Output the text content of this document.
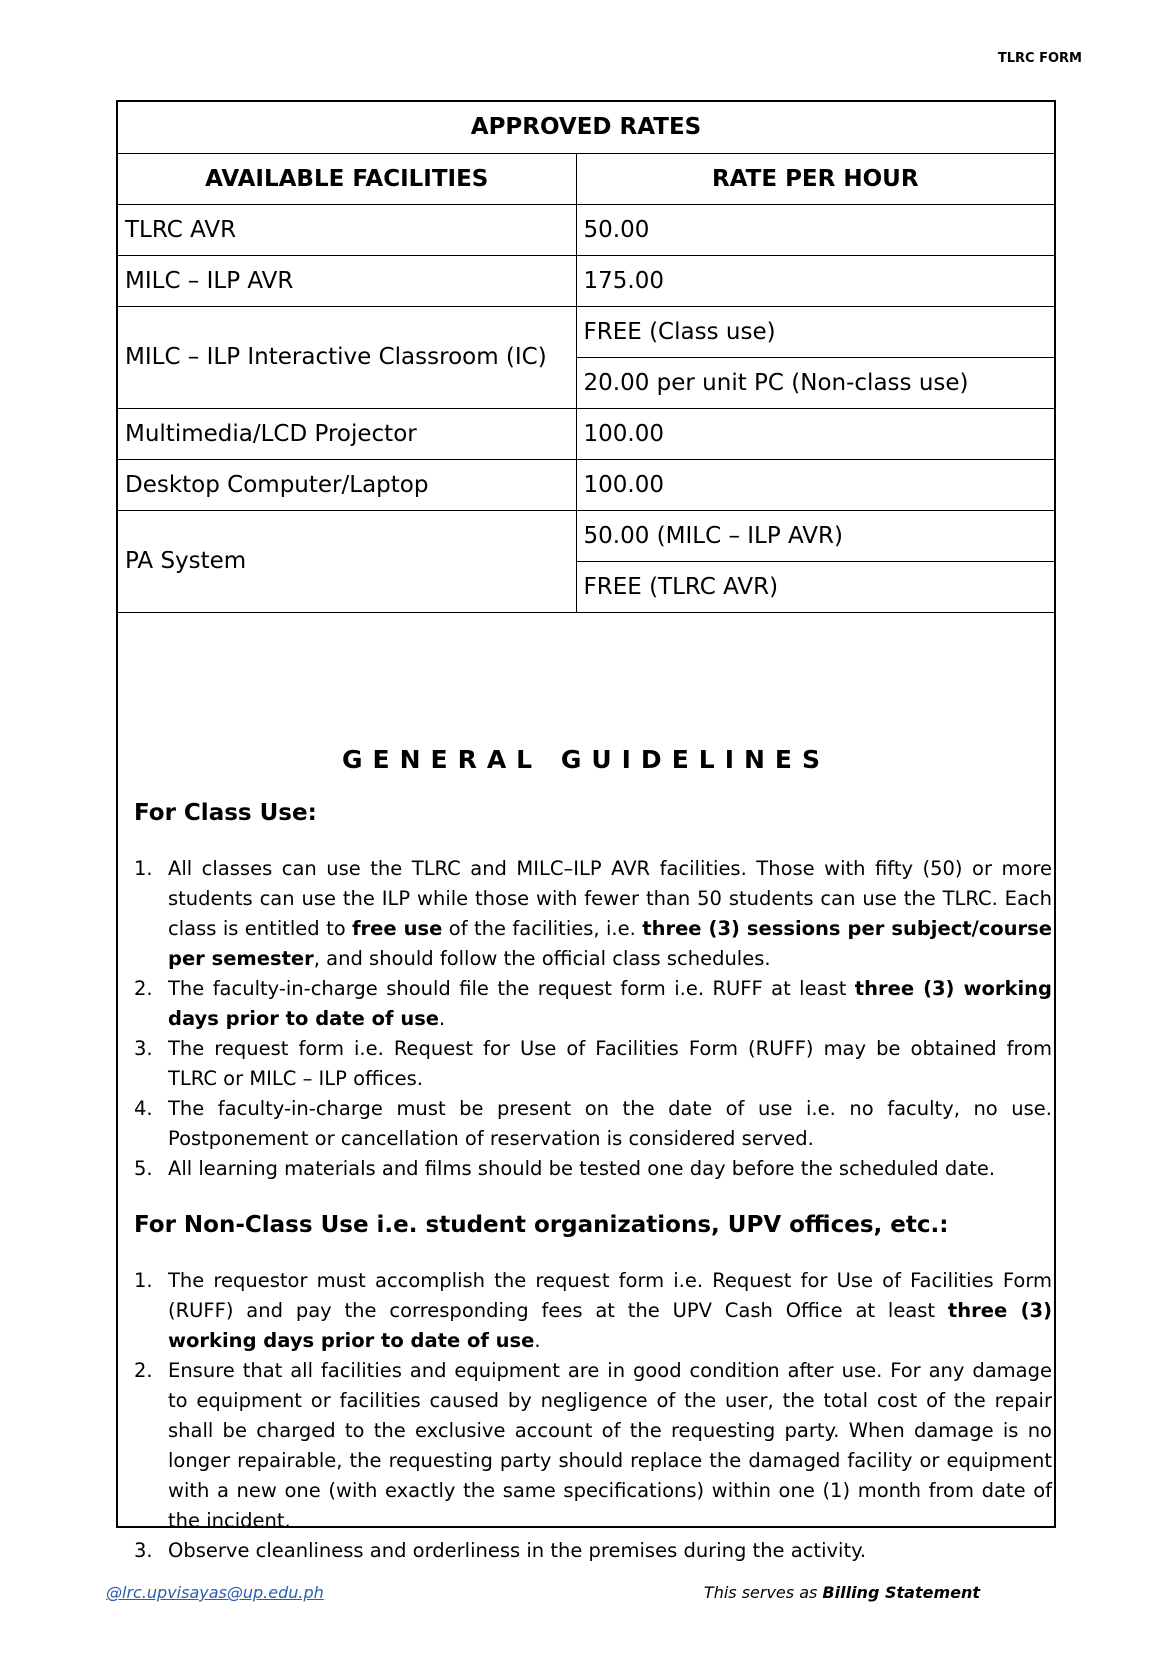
TLRC FORM
APPROVED RATES	
AVAILABLE FACILITIES	RATE PER HOUR
TLRC AVR	50.00
MILC – ILP AVR	175.00
MILC – ILP Interactive Classroom (IC)	FREE (Class use)
	20.00 per unit PC (Non-class use)
Multimedia/LCD Projector	100.00
Desktop Computer/Laptop	100.00
PA System	50.00 (MILC – ILP AVR)
	FREE (TLRC AVR)
GENERAL GUIDELINES
For Class Use:
1. All classes can use the TLRC and MILC–ILP AVR facilities. Those with fifty (50) or more students can use the ILP while those with fewer than 50 students can use the TLRC. Each class is entitled to free use of the facilities, i.e. three (3) sessions per subject/course per semester, and should follow the official class schedules.
2. The faculty-in-charge should file the request form i.e. RUFF at least three (3) working days prior to date of use.
3. The request form i.e. Request for Use of Facilities Form (RUFF) may be obtained from TLRC or MILC – ILP offices.
4. The faculty-in-charge must be present on the date of use i.e. no faculty, no use. Postponement or cancellation of reservation is considered served.
5. All learning materials and films should be tested one day before the scheduled date.
For Non-Class Use i.e. student organizations, UPV offices, etc.:
1. The requestor must accomplish the request form i.e. Request for Use of Facilities Form (RUFF) and pay the corresponding fees at the UPV Cash Office at least three (3) working days prior to date of use.
2. Ensure that all facilities and equipment are in good condition after use. For any damage to equipment or facilities caused by negligence of the user, the total cost of the repair shall be charged to the exclusive account of the requesting party. When damage is no longer repairable, the requesting party should replace the damaged facility or equipment with a new one (with exactly the same specifications) within one (1) month from date of the incident.
3. Observe cleanliness and orderliness in the premises during the activity.
@lrc.upvisayas@up.edu.ph	This serves as Billing Statement
